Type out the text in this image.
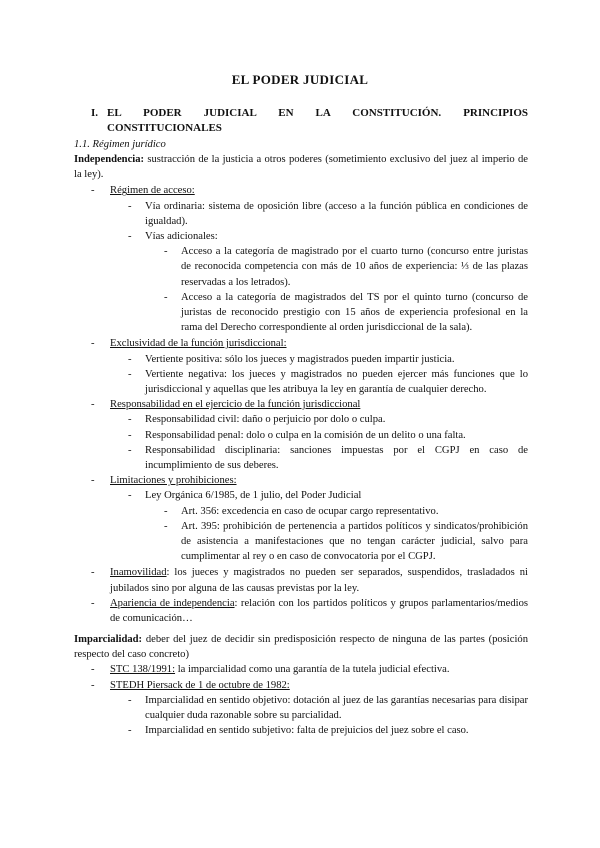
EL PODER JUDICIAL
I. EL PODER JUDICIAL EN LA CONSTITUCIÓN. PRINCIPIOS
CONSTITUCIONALES
1.1. Régimen jurídico
Independencia: sustracción de la justicia a otros poderes (sometimiento exclusivo del juez al imperio de la ley).
- Régimen de acceso:
- Vía ordinaria: sistema de oposición libre (acceso a la función pública en condiciones de igualdad).
- Vías adicionales:
- Acceso a la categoría de magistrado por el cuarto turno (concurso entre juristas de reconocida competencia con más de 10 años de experiencia: ⅓ de las plazas reservadas a los letrados).
- Acceso a la categoría de magistrados del TS por el quinto turno (concurso de juristas de reconocido prestigio con 15 años de experiencia profesional en la rama del Derecho correspondiente al orden jurisdiccional de la sala).
- Exclusividad de la función jurisdiccional:
- Vertiente positiva: sólo los jueces y magistrados pueden impartir justicia.
- Vertiente negativa: los jueces y magistrados no pueden ejercer más funciones que lo jurisdiccional y aquellas que les atribuya la ley en garantía de cualquier derecho.
- Responsabilidad en el ejercicio de la función jurisdiccional
- Responsabilidad civil: daño o perjuicio por dolo o culpa.
- Responsabilidad penal: dolo o culpa en la comisión de un delito o una falta.
- Responsabilidad disciplinaria: sanciones impuestas por el CGPJ en caso de incumplimiento de sus deberes.
- Limitaciones y prohibiciones:
- Ley Orgánica 6/1985, de 1 julio, del Poder Judicial
- Art. 356: excedencia en caso de ocupar cargo representativo.
- Art. 395: prohibición de pertenencia a partidos políticos y sindicatos/prohibición de asistencia a manifestaciones que no tengan carácter judicial, salvo para cumplimentar al rey o en caso de convocatoria por el CGPJ.
- Inamovilidad: los jueces y magistrados no pueden ser separados, suspendidos, trasladados ni jubilados sino por alguna de las causas previstas por la ley.
- Apariencia de independencia: relación con los partidos políticos y grupos parlamentarios/medios de comunicación…
Imparcialidad: deber del juez de decidir sin predisposición respecto de ninguna de las partes (posición respecto del caso concreto)
- STC 138/1991: la imparcialidad como una garantía de la tutela judicial efectiva.
- STEDH Piersack de 1 de octubre de 1982:
- Imparcialidad en sentido objetivo: dotación al juez de las garantías necesarias para disipar cualquier duda razonable sobre su parcialidad.
- Imparcialidad en sentido subjetivo: falta de prejuicios del juez sobre el caso.
